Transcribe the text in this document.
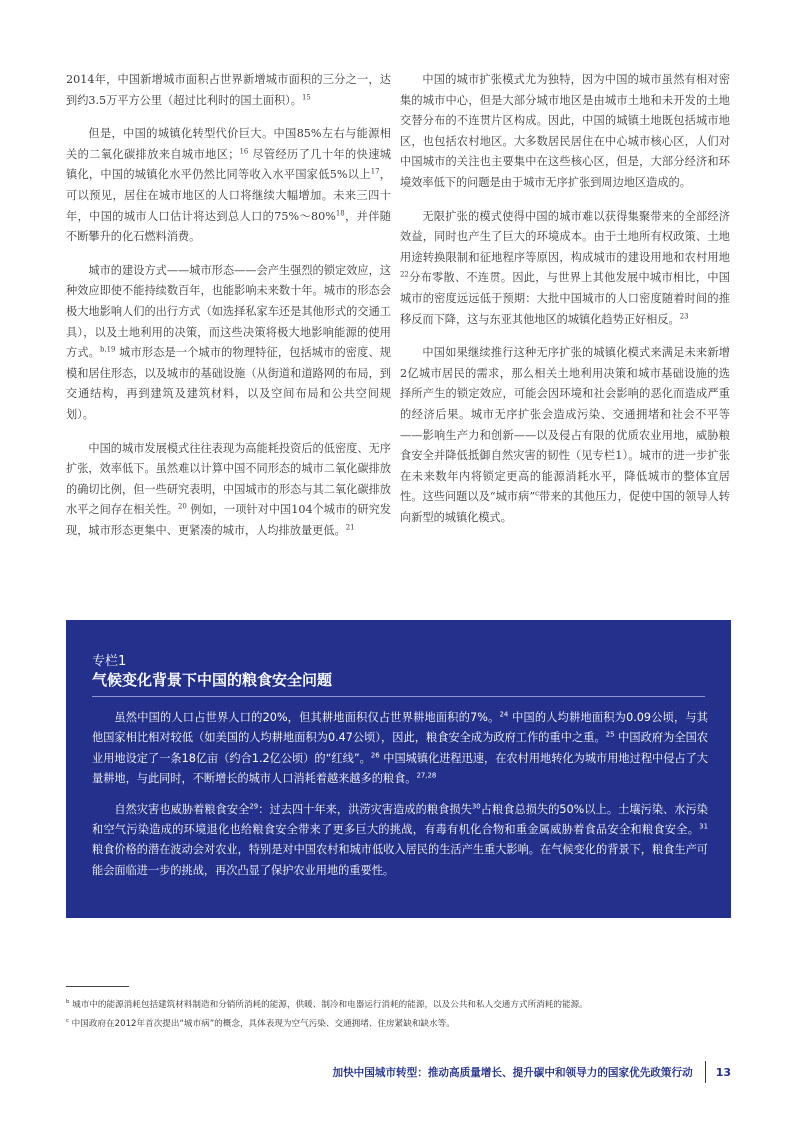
2014年，中国新增城市面积占世界新增城市面积的三分之一，达到约3.5万平方公里（超过比利时的国土面积）。$^{15}$

但是，中国的城镇化转型代价巨大。中国85%左右与能源相关的二氧化碳排放来自城市地区；$^{16}$ 尽管经历了几十年的快速城镇化，中国的城镇化水平仍然比同等收入水平国家低5%以上$^{17}$，可以预见，居住在城市地区的人口将继续大幅增加。未来三四十年，中国的城市人口估计将达到总人口的75%～80%$^{18}$，并伴随不断攀升的化石燃料消费。

城市的建设方式——城市形态——会产生强烈的锁定效应，这种效应即使不能持续数百年，也能影响未来数十年。城市的形态会极大地影响人们的出行方式（如选择私家车还是其他形式的交通工具），以及土地利用的决策，而这些决策将极大地影响能源的使用方式。$^{b,19}$ 城市形态是一个城市的物理特征，包括城市的密度、规模和居住形态，以及城市的基础设施（从街道和道路网的布局，到交通结构，再到建筑及建筑材料，以及空间布局和公共空间规划）。

中国的城市发展模式往往表现为高能耗投资后的低密度、无序扩张，效率低下。虽然难以计算中国不同形态的城市二氧化碳排放的确切比例，但一些研究表明，中国城市的形态与其二氧化碳排放水平之间存在相关性。$^{20}$ 例如，一项针对中国104个城市的研究发现，城市形态更集中、更紧凑的城市，人均排放量更低。$^{21}$

中国的城市扩张模式尤为独特，因为中国的城市虽然有相对密集的城市中心，但是大部分城市地区是由城市土地和未开发的土地交替分布的不连贯片区构成。因此，中国的城镇土地既包括城市地区，也包括农村地区。大多数居民居住在中心城市核心区，人们对中国城市的关注也主要集中在这些核心区，但是，大部分经济和环境效率低下的问题是由于城市无序扩张到周边地区造成的。

无限扩张的模式使得中国的城市难以获得集聚带来的全部经济效益，同时也产生了巨大的环境成本。由于土地所有权政策、土地用途转换限制和征地程序等原因，构成城市的建设用地和农村用地$^{22}$分布零散、不连贯。因此，与世界上其他发展中城市相比，中国城市的密度远远低于预期：大批中国城市的人口密度随着时间的推移反而下降，这与东亚其他地区的城镇化趋势正好相反。$^{23}$

中国如果继续推行这种无序扩张的城镇化模式来满足未来新增2亿城市居民的需求，那么相关土地利用决策和城市基础设施的选择所产生的锁定效应，可能会因环境和社会影响的恶化而造成严重的经济后果。城市无序扩张会造成污染、交通拥堵和社会不平等——影响生产力和创新——以及侵占有限的优质农业用地，威胁粮食安全并降低抵御自然灾害的韧性（见专栏1）。城市的进一步扩张在未来数年内将锁定更高的能源消耗水平，降低城市的整体宜居性。这些问题以及“城市病”$^c$带来的其他压力，促使中国的领导人转向新型的城镇化模式。

专栏1
气候变化背景下中国的粮食安全问题

虽然中国的人口占世界人口的20%，但其耕地面积仅占世界耕地面积的7%。$^{24}$ 中国的人均耕地面积为0.09公顷，与其他国家相比相对较低（如美国的人均耕地面积为0.47公顷），因此，粮食安全成为政府工作的重中之重。$^{25}$ 中国政府为全国农业用地设定了一条18亿亩（约合1.2亿公顷）的“红线”。$^{26}$ 中国城镇化进程迅速，在农村用地转化为城市用地过程中侵占了大量耕地，与此同时，不断增长的城市人口消耗着越来越多的粮食。$^{27,28}$

自然灾害也威胁着粮食安全$^{29}$：过去四十年来，洪涝灾害造成的粮食损失$^{30}$占粮食总损失的50%以上。土壤污染、水污染和空气污染造成的环境退化也给粮食安全带来了更多巨大的挑战，有毒有机化合物和重金属威胁着食品安全和粮食安全。$^{31}$ 粮食价格的潜在波动会对农业，特别是对中国农村和城市低收入居民的生活产生重大影响。在气候变化的背景下，粮食生产可能会面临进一步的挑战，再次凸显了保护农业用地的重要性。

$^b$ 城市中的能源消耗包括建筑材料制造和分销所消耗的能源，供暖、制冷和电器运行消耗的能源，以及公共和私人交通方式所消耗的能源。
$^c$ 中国政府在2012年首次提出“城市病”的概念，具体表现为空气污染、交通拥堵、住房紧缺和缺水等。
加快中国城市转型：推动高质量增长、提升碳中和领导力的国家优先政策行动 13
